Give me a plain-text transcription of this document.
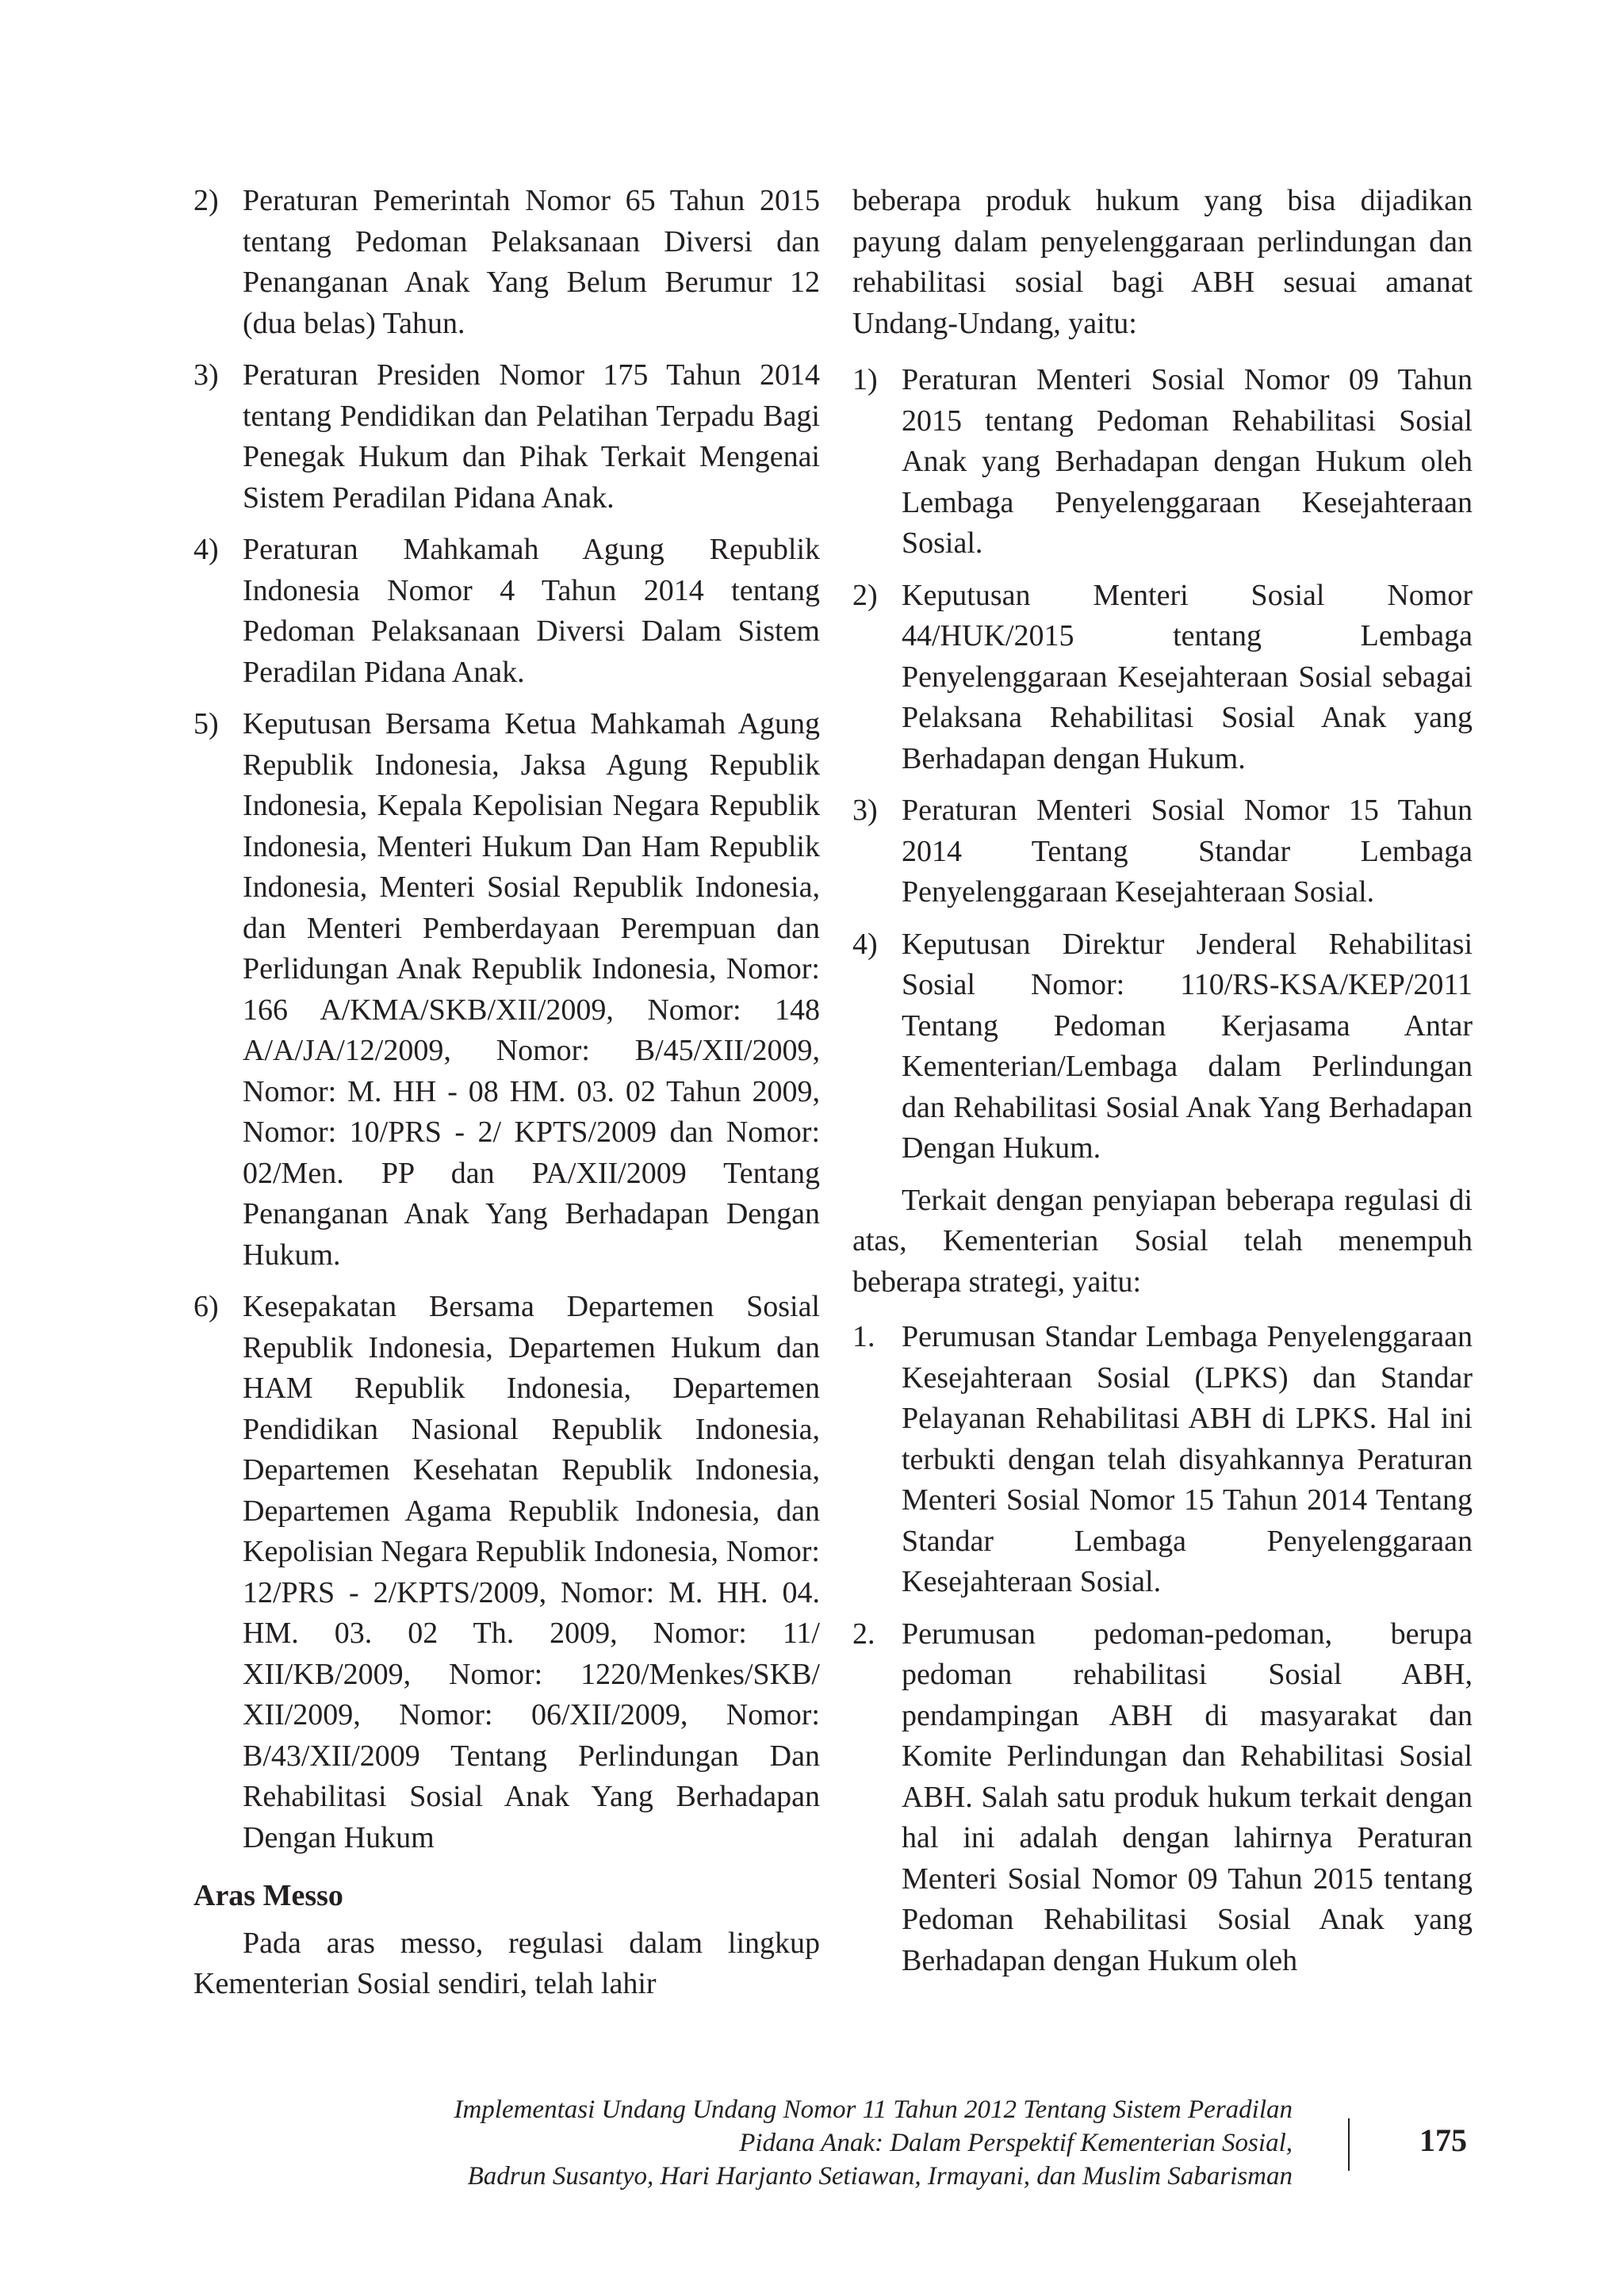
2) Peraturan Pemerintah Nomor 65 Tahun 2015 tentang Pedoman Pelaksanaan Diversi dan Penanganan Anak Yang Belum Berumur 12 (dua belas) Tahun.
3) Peraturan Presiden Nomor 175 Tahun 2014 tentang Pendidikan dan Pelatihan Terpadu Bagi Penegak Hukum dan Pihak Terkait Mengenai Sistem Peradilan Pidana Anak.
4) Peraturan Mahkamah Agung Republik Indonesia Nomor 4 Tahun 2014 tentang Pedoman Pelaksanaan Diversi Dalam Sistem Peradilan Pidana Anak.
5) Keputusan Bersama Ketua Mahkamah Agung Republik Indonesia, Jaksa Agung Republik Indonesia, Kepala Kepolisian Negara Republik Indonesia, Menteri Hukum Dan Ham Republik Indonesia, Menteri Sosial Republik Indonesia, dan Menteri Pemberdayaan Perempuan dan Perlidungan Anak Republik Indonesia, Nomor: 166 A/KMA/SKB/XII/2009, Nomor: 148 A/A/JA/12/2009, Nomor: B/45/XII/2009, Nomor: M. HH - 08 HM. 03. 02 Tahun 2009, Nomor: 10/PRS - 2/ KPTS/2009 dan Nomor: 02/Men. PP dan PA/XII/2009 Tentang Penanganan Anak Yang Berhadapan Dengan Hukum.
6) Kesepakatan Bersama Departemen Sosial Republik Indonesia, Departemen Hukum dan HAM Republik Indonesia, Departemen Pendidikan Nasional Republik Indonesia, Departemen Kesehatan Republik Indonesia, Departemen Agama Republik Indonesia, dan Kepolisian Negara Republik Indonesia, Nomor: 12/PRS - 2/KPTS/2009, Nomor: M. HH. 04. HM. 03. 02 Th. 2009, Nomor: 11/ XII/KB/2009, Nomor: 1220/Menkes/SKB/ XII/2009, Nomor: 06/XII/2009, Nomor: B/43/XII/2009 Tentang Perlindungan Dan Rehabilitasi Sosial Anak Yang Berhadapan Dengan Hukum

Aras Messo

Pada aras messo, regulasi dalam lingkup Kementerian Sosial sendiri, telah lahir

beberapa produk hukum yang bisa dijadikan payung dalam penyelenggaraan perlindungan dan rehabilitasi sosial bagi ABH sesuai amanat Undang-Undang, yaitu:

1) Peraturan Menteri Sosial Nomor 09 Tahun 2015 tentang Pedoman Rehabilitasi Sosial Anak yang Berhadapan dengan Hukum oleh Lembaga Penyelenggaraan Kesejahteraan Sosial.
2) Keputusan Menteri Sosial Nomor 44/HUK/2015 tentang Lembaga Penyelenggaraan Kesejahteraan Sosial sebagai Pelaksana Rehabilitasi Sosial Anak yang Berhadapan dengan Hukum.
3) Peraturan Menteri Sosial Nomor 15 Tahun 2014 Tentang Standar Lembaga Penyelenggaraan Kesejahteraan Sosial.
4) Keputusan Direktur Jenderal Rehabilitasi Sosial Nomor: 110/RS-KSA/KEP/2011 Tentang Pedoman Kerjasama Antar Kementerian/Lembaga dalam Perlindungan dan Rehabilitasi Sosial Anak Yang Berhadapan Dengan Hukum.

Terkait dengan penyiapan beberapa regulasi di atas, Kementerian Sosial telah menempuh beberapa strategi, yaitu:

1. Perumusan Standar Lembaga Penyelenggaraan Kesejahteraan Sosial (LPKS) dan Standar Pelayanan Rehabilitasi ABH di LPKS. Hal ini terbukti dengan telah disyahkannya Peraturan Menteri Sosial Nomor 15 Tahun 2014 Tentang Standar Lembaga Penyelenggaraan Kesejahteraan Sosial.
2. Perumusan pedoman-pedoman, berupa pedoman rehabilitasi Sosial ABH, pendampingan ABH di masyarakat dan Komite Perlindungan dan Rehabilitasi Sosial ABH. Salah satu produk hukum terkait dengan hal ini adalah dengan lahirnya Peraturan Menteri Sosial Nomor 09 Tahun 2015 tentang Pedoman Rehabilitasi Sosial Anak yang Berhadapan dengan Hukum oleh
Implementasi Undang Undang Nomor 11 Tahun 2012 Tentang Sistem Peradilan
Pidana Anak: Dalam Perspektif Kementerian Sosial,
Badrun Susantyo, Hari Harjanto Setiawan, Irmayani, dan Muslim Sabarisman
175
